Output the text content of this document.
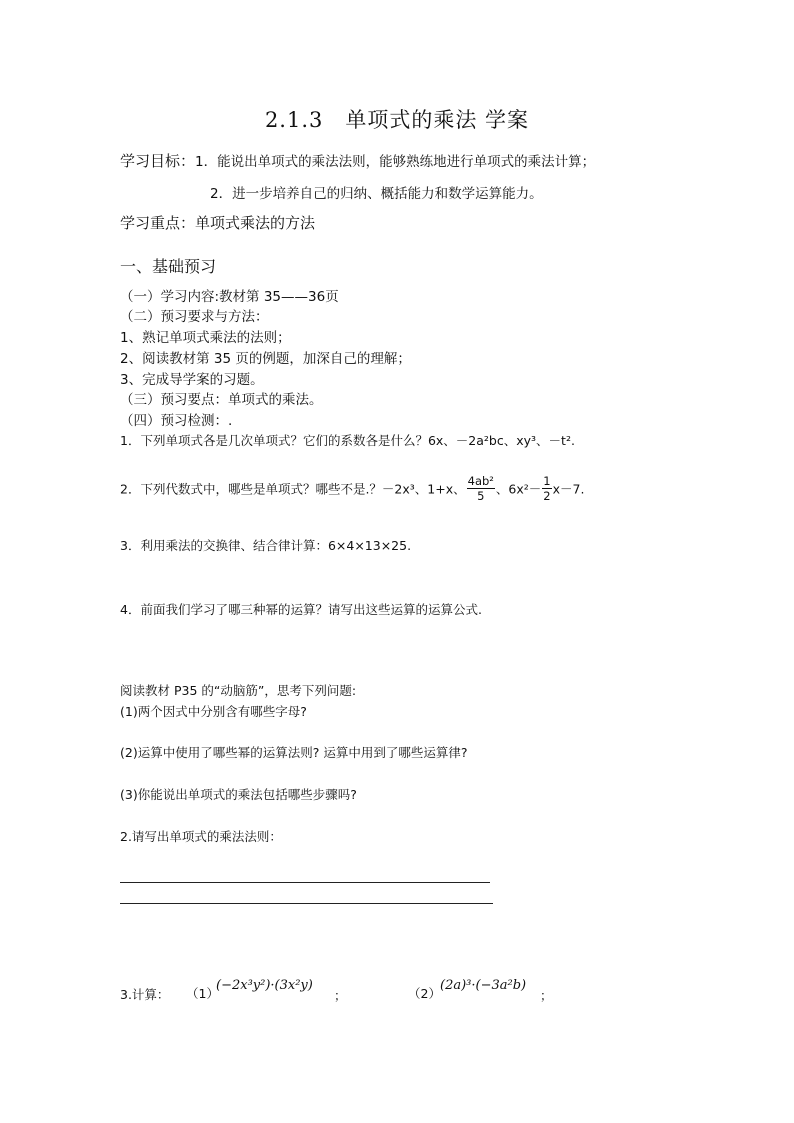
2.1.3　单项式的乘法 学案
学习目标：1．能说出单项式的乘法法则，能够熟练地进行单项式的乘法计算；
2．进一步培养自己的归纳、概括能力和数学运算能力。
学习重点：单项式乘法的方法
一、基础预习
（一）学习内容:教材第 35——36页
（二）预习要求与方法：
1、熟记单项式乘法的法则；
2、阅读教材第 35 页的例题，加深自己的理解；
3、完成导学案的习题。
（三）预习要点：单项式的乘法。
（四）预习检测：.
1．下列单项式各是几次单项式？它们的系数各是什么？6x、－2a²bc、xy³、－t².
2．下列代数式中，哪些是单项式？哪些不是.？－2x³、1+x、 $\frac{\text{4ab²}}{5}$ 、$6x^2- \frac{1}{2} x-7$.
3．利用乘法的交换律、结合律计算：6×4×13×25.
4．前面我们学习了哪三种幂的运算？请写出这些运算的运算公式.
阅读教材 P35 的“动脑筋”，思考下列问题:
(1)两个因式中分别含有哪些字母?
(2)运算中使用了哪些幂的运算法则? 运算中用到了哪些运算律?
(3)你能说出单项式的乘法包括哪些步骤吗?
2.请写出单项式的乘法法则：
3.计算： （1）
(−2x³y²)·(3x²y)
；	（2）
(2a)³·(−3a²b)
；
